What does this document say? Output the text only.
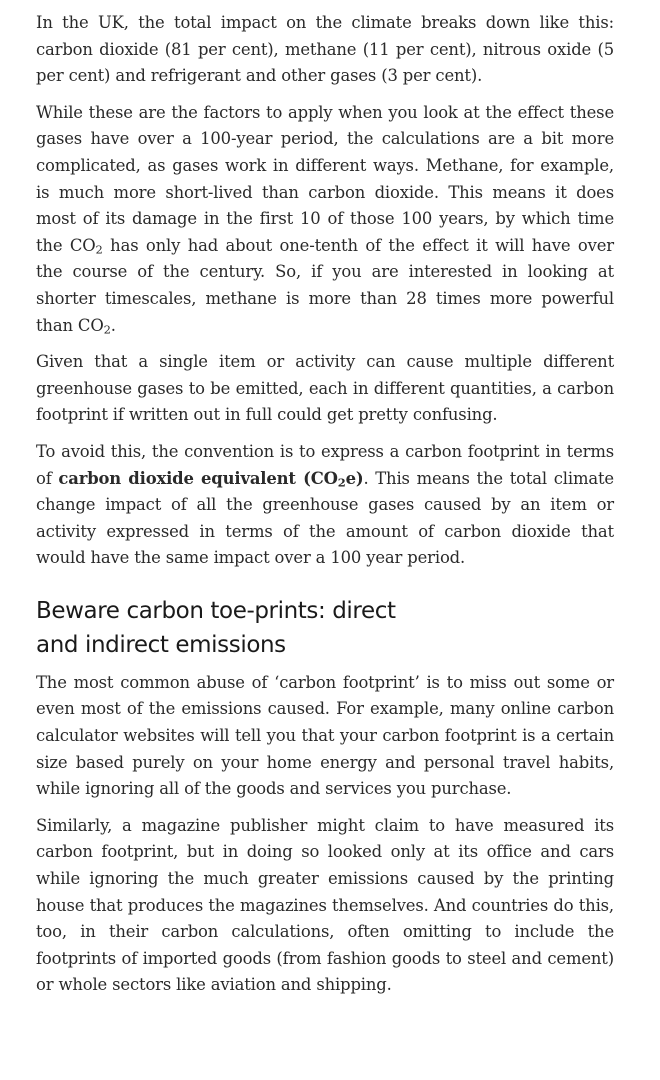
In the UK, the total impact on the climate breaks down like this: carbon dioxide (81 per cent), methane (11 per cent), nitrous oxide (5 per cent) and refrigerant and other gases (3 per cent).

While these are the factors to apply when you look at the effect these gases have over a 100-year period, the calculations are a bit more complicated, as gases work in different ways. Methane, for example, is much more short-lived than carbon dioxide. This means it does most of its damage in the first 10 of those 100 years, by which time the $CO_2$ has only had about one-tenth of the effect it will have over the course of the century. So, if you are interested in looking at shorter timescales, methane is more than 28 times more powerful than $CO_2$.

Given that a single item or activity can cause multiple different greenhouse gases to be emitted, each in different quantities, a carbon footprint if written out in full could get pretty confusing.

To avoid this, the convention is to express a carbon footprint in terms of carbon dioxide equivalent $(CO_2e)$. This means the total climate change impact of all the greenhouse gases caused by an item or activity expressed in terms of the amount of carbon dioxide that would have the same impact over a 100 year period.

Beware carbon toe-prints: direct
and indirect emissions

The most common abuse of ‘carbon footprint’ is to miss out some or even most of the emissions caused. For example, many online carbon calculator websites will tell you that your carbon footprint is a certain size based purely on your home energy and personal travel habits, while ignoring all of the goods and services you purchase.

Similarly, a magazine publisher might claim to have measured its carbon footprint, but in doing so looked only at its office and cars while ignoring the much greater emissions caused by the printing house that produces the magazines themselves. And countries do this, too, in their carbon calculations, often omitting to include the footprints of imported goods (from fashion goods to steel and cement) or whole sectors like aviation and shipping.
